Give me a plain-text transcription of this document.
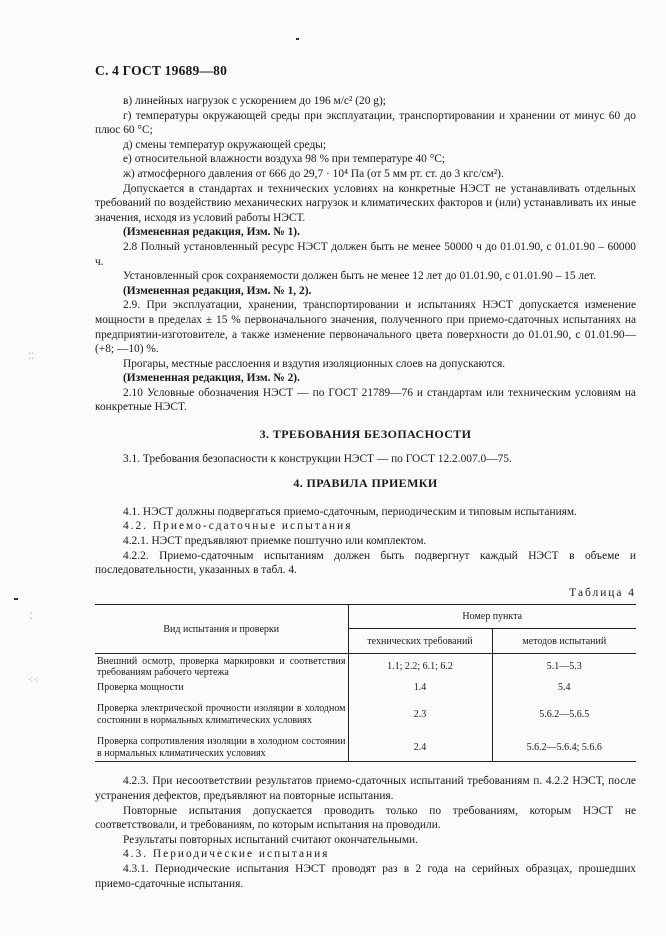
⁚⁚
⁚
⁖⁖
С. 4 ГОСТ 19689—80

в) линейных нагрузок с ускорением до 196 м/с² (20 g);

г) температуры окружающей среды при эксплуатации, транспортировании и хранении от минус 60 до плюс 60 °С;

д) смены температур окружающей среды;

е) относительной влажности воздуха 98 % при температуре 40 °С;

ж) атмосферного давления от 666 до 29,7 · 10⁴ Па (от 5 мм рт. ст. до 3 кгс/см²).

Допускается в стандартах и технических условиях на конкретные НЭСТ не устанавливать отдельных требований по воздействию механических нагрузок и климатических факторов и (или) устанавливать их иные значения, исходя из условий работы НЭСТ.

(Измененная редакция, Изм. № 1).

2.8 Полный установленный ресурс НЭСТ должен быть не менее 50000 ч до 01.01.90, с 01.01.90 – 60000 ч.

Установленный срок сохраняемости должен быть не менее 12 лет до 01.01.90, с 01.01.90 – 15 лет.

(Измененная редакция, Изм. № 1, 2).

2.9. При эксплуатации, хранении, транспортировании и испытаниях НЭСТ допускается изменение мощности в пределах ± 15 % первоначального значения, полученного при приемо-сдаточных испытаниях на предприятии-изготовителе, а также изменение первоначального цвета поверхности до 01.01.90, с 01.01.90—(+8; —10) %.

Прогары, местные расслоения и вздутия изоляционных слоев на допускаются.

(Измененная редакция, Изм. № 2).

2.10 Условные обозначения НЭСТ — по ГОСТ 21789—76 и стандартам или техническим условиям на конкретные НЭСТ.

3. ТРЕБОВАНИЯ БЕЗОПАСНОСТИ

3.1. Требования безопасности к конструкции НЭСТ — по ГОСТ 12.2.007.0—75.

4. ПРАВИЛА ПРИЕМКИ

4.1. НЭСТ должны подвергаться приемо-сдаточным, периодическим и типовым испытаниям.

4.2. Приемо-сдаточные испытания

4.2.1. НЭСТ предъявляют приемке поштучно или комплектом.

4.2.2. Приемо-сдаточным испытаниям должен быть подвергнут каждый НЭСТ в объеме и последовательности, указанных в табл. 4.

Таблица 4
Вид испытания и проверки	Номер пункта	
	технических требований	методов испытаний
Внешний осмотр, проверка маркировки и соответствия требованиям рабочего чертежа	1.1; 2.2; 6.1; 6.2	5.1—5.3
Проверка мощности	1.4	5.4
Проверка электрической прочности изоляции в холодном состоянии в нормальных климатических условиях	2.3	5.6.2—5.6.5
Проверка сопротивления изоляции в холодном состоянии в нормальных климатических условиях	2.4	5.6.2—5.6.4; 5.6.6

4.2.3. При несоответствии результатов приемо-сдаточных испытаний требованиям п. 4.2.2 НЭСТ, после устранения дефектов, предъявляют на повторные испытания.

Повторные испытания допускается проводить только по требованиям, которым НЭСТ не соответствовали, и требованиям, по которым испытания на проводили.

Результаты повторных испытаний считают окончательными.

4.3. Периодические испытания

4.3.1. Периодические испытания НЭСТ проводят раз в 2 года на серийных образцах, прошедших приемо-сдаточные испытания.
